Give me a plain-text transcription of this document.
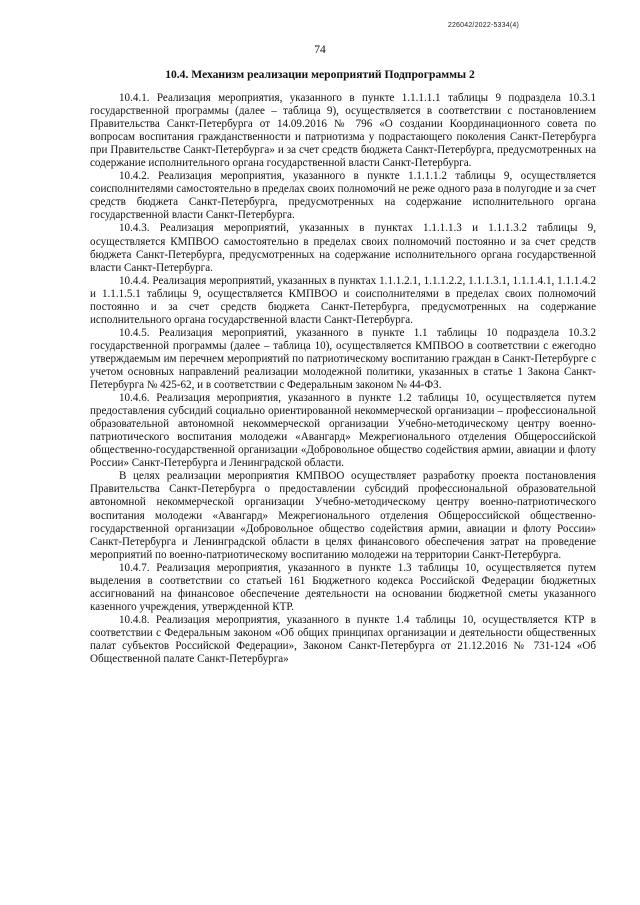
226042/2022-5334(4)
74
10.4. Механизм реализации мероприятий Подпрограммы 2

10.4.1. Реализация мероприятия, указанного в пункте 1.1.1.1.1 таблицы 9 подраздела 10.3.1 государственной программы (далее – таблица 9), осуществляется в соответствии с постановлением Правительства Санкт-Петербурга от 14.09.2016 № 796 «О создании Координационного совета по вопросам воспитания гражданственности и патриотизма у подрастающего поколения Санкт-Петербурга при Правительстве Санкт-Петербурга» и за счет средств бюджета Санкт-Петербурга, предусмотренных на содержание исполнительного органа государственной власти Санкт-Петербурга.

10.4.2. Реализация мероприятия, указанного в пункте 1.1.1.1.2 таблицы 9, осуществляется соисполнителями самостоятельно в пределах своих полномочий не реже одного раза в полугодие и за счет средств бюджета Санкт-Петербурга, предусмотренных на содержание исполнительного органа государственной власти Санкт-Петербурга.

10.4.3. Реализация мероприятий, указанных в пунктах 1.1.1.1.3 и 1.1.1.3.2 таблицы 9, осуществляется КМПВОО самостоятельно в пределах своих полномочий постоянно и за счет средств бюджета Санкт-Петербурга, предусмотренных на содержание исполнительного органа государственной власти Санкт-Петербурга.

10.4.4. Реализация мероприятий, указанных в пунктах 1.1.1.2.1, 1.1.1.2.2, 1.1.1.3.1, 1.1.1.4.1, 1.1.1.4.2 и 1.1.1.5.1 таблицы 9, осуществляется КМПВОО и соисполнителями в пределах своих полномочий постоянно и за счет средств бюджета Санкт-Петербурга, предусмотренных на содержание исполнительного органа государственной власти Санкт-Петербурга.

10.4.5. Реализация мероприятий, указанного в пункте 1.1 таблицы 10 подраздела 10.3.2 государственной программы (далее – таблица 10), осуществляется КМПВОО в соответствии с ежегодно утверждаемым им перечнем мероприятий по патриотическому воспитанию граждан в Санкт-Петербурге с учетом основных направлений реализации молодежной политики, указанных в статье 1 Закона Санкт-Петербурга № 425-62, и в соответствии с Федеральным законом № 44-ФЗ.

10.4.6. Реализация мероприятия, указанного в пункте 1.2 таблицы 10, осуществляется путем предоставления субсидий социально ориентированной некоммерческой организации – профессиональной образовательной автономной некоммерческой организации Учебно-методическому центру военно-патриотического воспитания молодежи «Авангард» Межрегионального отделения Общероссийской общественно-государственной организации «Добровольное общество содействия армии, авиации и флоту России» Санкт-Петербурга и Ленинградской области.

В целях реализации мероприятия КМПВОО осуществляет разработку проекта постановления Правительства Санкт-Петербурга о предоставлении субсидий профессиональной образовательной автономной некоммерческой организации Учебно-методическому центру военно-патриотического воспитания молодежи «Авангард» Межрегионального отделения Общероссийской общественно-государственной организации «Добровольное общество содействия армии, авиации и флоту России» Санкт-Петербурга и Ленинградской области в целях финансового обеспечения затрат на проведение мероприятий по военно-патриотическому воспитанию молодежи на территории Санкт-Петербурга.

10.4.7. Реализация мероприятия, указанного в пункте 1.3 таблицы 10, осуществляется путем выделения в соответствии со статьей 161 Бюджетного кодекса Российской Федерации бюджетных ассигнований на финансовое обеспечение деятельности на основании бюджетной сметы указанного казенного учреждения, утвержденной КТР.

10.4.8. Реализация мероприятия, указанного в пункте 1.4 таблицы 10, осуществляется КТР в соответствии с Федеральным законом «Об общих принципах организации и деятельности общественных палат субъектов Российской Федерации», Законом Санкт-Петербурга от 21.12.2016 № 731-124 «Об Общественной палате Санкт-Петербурга»
